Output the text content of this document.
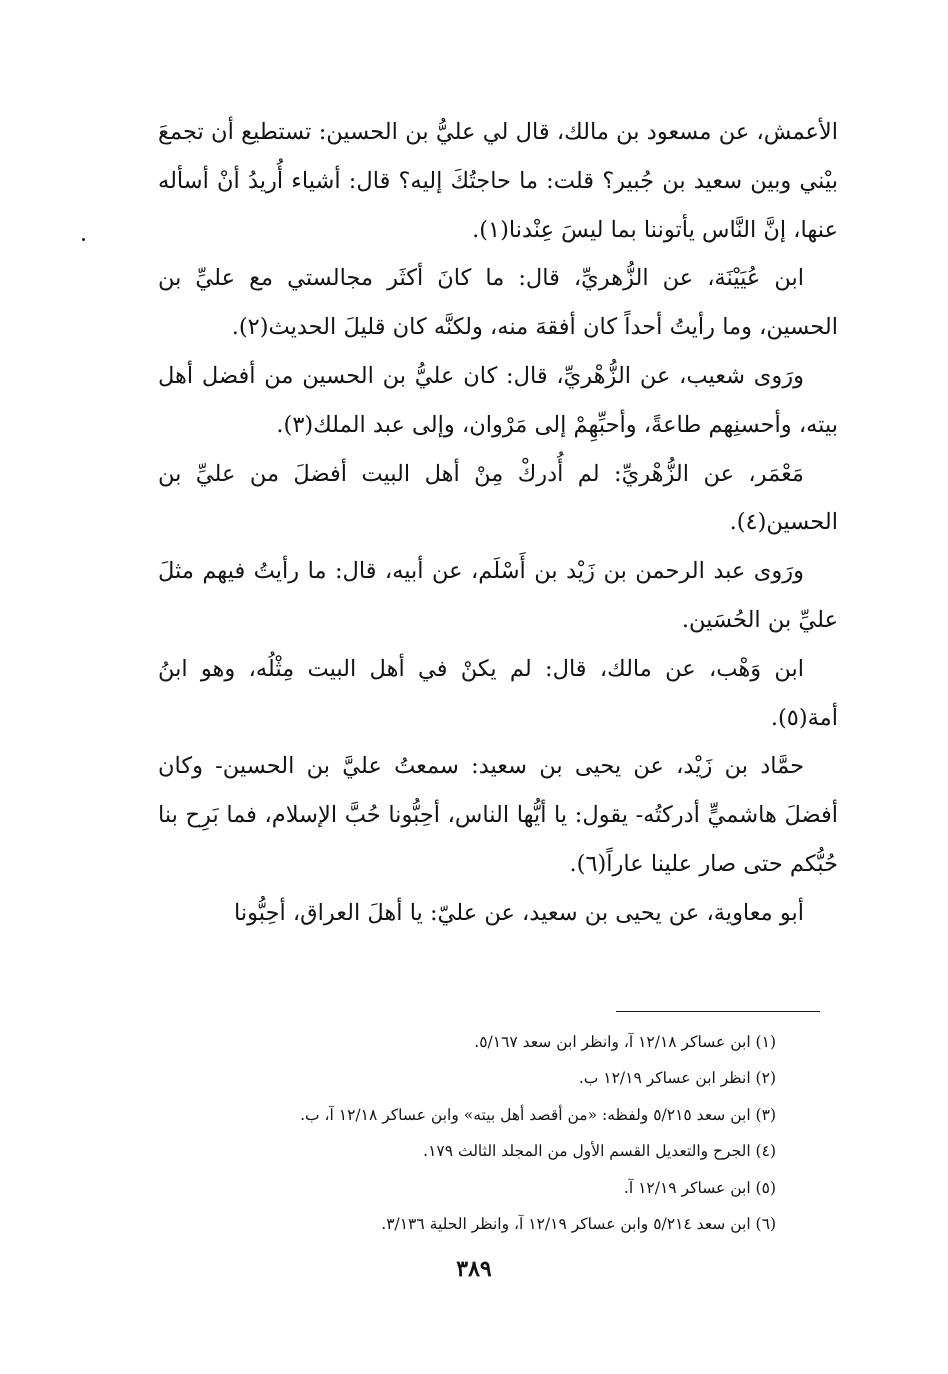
الأعمش، عن مسعود بن مالك، قال لي عليُّ بن الحسين: تستطيع أن تجمعَ بيْني وبين سعيد بن جُبير؟ قلت: ما حاجتُكَ إليه؟ قال: أشياء أُريدُ أنْ أسأله عنها، إنَّ النَّاس يأتوننا بما ليسَ عِنْدنا(١).

ابن عُيَيْنَة، عن الزُّهريِّ، قال: ما كانَ أكثَر مجالستي مع عليِّ بن الحسين، وما رأيتُ أحداً كان أفقهَ منه، ولكنَّه كان قليلَ الحديث(٢).

ورَوى شعيب، عن الزُّهْريِّ، قال: كان عليُّ بن الحسين من أفضل أهل بيته، وأحسنِهم طاعةً، وأحبِّهِمْ إلى مَرْوان، وإلى عبد الملك(٣).

مَعْمَر، عن الزُّهْريِّ: لم أُدركْ مِنْ أهل البيت أفضلَ من عليِّ بن الحسين(٤).

ورَوى عبد الرحمن بن زَيْد بن أَسْلَم، عن أبيه، قال: ما رأيتُ فيهم مثلَ عليِّ بن الحُسَين.

ابن وَهْب، عن مالك، قال: لم يكنْ في أهل البيت مِثْلُه، وهو ابنُ أمة(٥).

حمَّاد بن زَيْد، عن يحيى بن سعيد: سمعتُ عليَّ بن الحسين- وكان أفضلَ هاشميٍّ أدركتُه- يقول: يا أيُّها الناس، أحِبُّونا حُبَّ الإسلام، فما بَرِح بنا حُبُّكم حتى صار علينا عاراً(٦).

أبو معاوية، عن يحيى بن سعيد، عن عليّ: يا أهلَ العراق، أحِبُّونا

(١) ابن عساكر ١٢/١٨ آ، وانظر ابن سعد ٥/١٦٧.

(٢) انظر ابن عساكر ١٢/١٩ ب.

(٣) ابن سعد ٥/٢١٥ ولفظه: «من أقصد أهل بيته» وابن عساكر ١٢/١٨ آ، ب.

(٤) الجرح والتعديل القسم الأول من المجلد الثالث ١٧٩.

(٥) ابن عساكر ١٢/١٩ آ.

(٦) ابن سعد ٥/٢١٤ وابن عساكر ١٢/١٩ آ، وانظر الحلية ٣/١٣٦.

٣٨٩
